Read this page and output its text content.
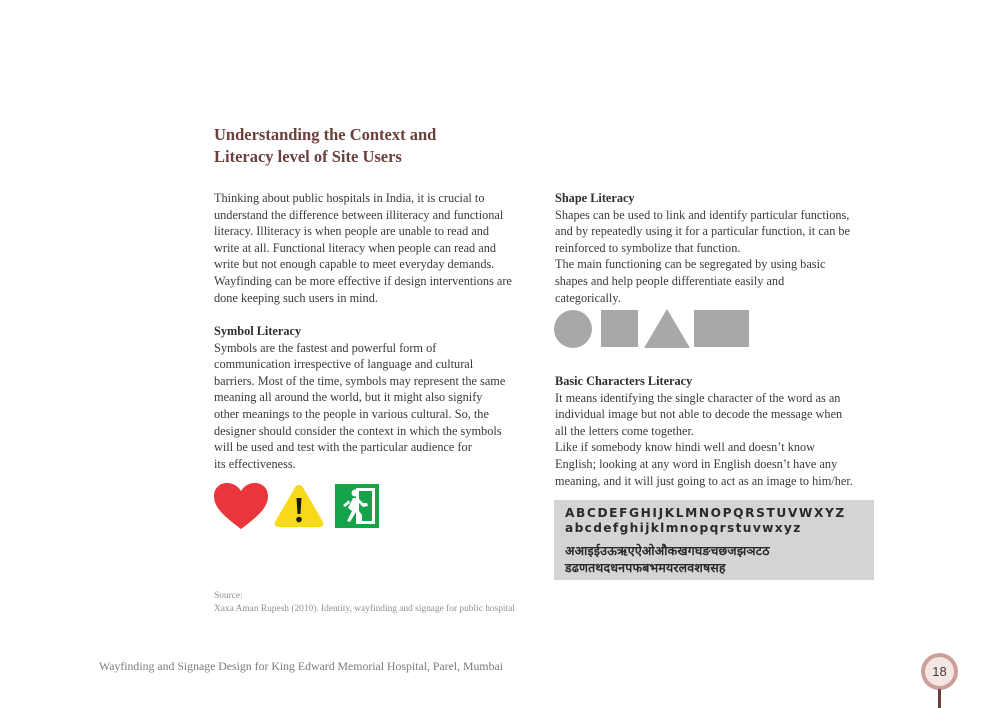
Understanding the Context and
Literacy level of Site Users
Thinking about public hospitals in India, it is crucial to
understand the difference between illiteracy and functional
literacy. Illiteracy is when people are unable to read and
write at all. Functional literacy when people can read and
write but not enough capable to meet everyday demands.
Wayfinding can be more effective if design interventions are
done keeping such users in mind.
Symbol Literacy
Symbols are the fastest and powerful form of
communication irrespective of language and cultural
barriers. Most of the time, symbols may represent the same
meaning all around the world, but it might also signify
other meanings to the people in various cultural. So, the
designer should consider the context in which the symbols
will be used and test with the particular audience for
its effectiveness.
Shape Literacy
Shapes can be used to link and identify particular functions,
and by repeatedly using it for a particular function, it can be
reinforced to symbolize that function.
The main functioning can be segregated by using basic
shapes and help people differentiate easily and
categorically.
Basic Characters Literacy
It means identifying the single character of the word as an
individual image but not able to decode the message when
all the letters come together.
Like if somebody know hindi well and doesn’t know
English; looking at any word in English doesn’t have any
meaning, and it will just going to act as an image to him/her.
ABCDEFGHIJKLMNOPQRSTUVWXYZ
abcdefghijklmnopqrstuvwxyz
अआइईउऊऋएऐओऔकखगघङचछजझञटठ
डढणतथदधनपफबभमयरलवशषसह
Source:
Xaxa Aman Rupesh (2010). Identity, wayfinding and signage for public hospital
Wayfinding and Signage Design for King Edward Memorial Hospital, Parel, Mumbai	18
